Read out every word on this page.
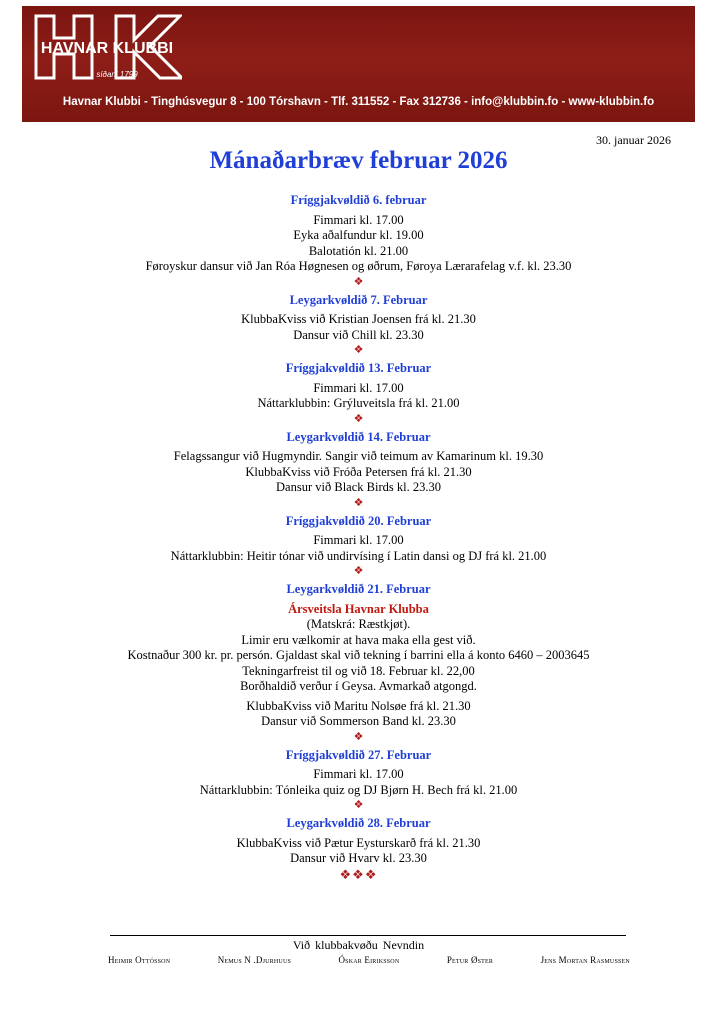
HAVNAR KLUBBI
síðani 1799
Havnar Klubbi - Tinghúsvegur 8 - 100 Tórshavn - Tlf. 311552 - Fax 312736 - info@klubbin.fo - www-klubbin.fo
30. januar 2026
Mánaðarbræv februar 2026
Fríggjakvøldið 6. februar
Fimmari kl. 17.00
Eyka aðalfundur kl. 19.00
Balotatión kl. 21.00
Føroyskur dansur við Jan Róa Høgnesen og øðrum, Føroya Lærarafelag v.f. kl. 23.30
❖
Leygarkvøldið 7. Februar
KlubbaKviss við Kristian Joensen frá kl. 21.30
Dansur við Chill kl. 23.30
❖
Fríggjakvøldið 13. Februar
Fimmari kl. 17.00
Náttarklubbin: Grýluveitsla frá kl. 21.00
❖
Leygarkvøldið 14. Februar
Felagssangur við Hugmyndir. Sangir við teimum av Kamarinum kl. 19.30
KlubbaKviss við Fróða Petersen frá kl. 21.30
Dansur við Black Birds kl. 23.30
❖
Fríggjakvøldið 20. Februar
Fimmari kl. 17.00
Náttarklubbin: Heitir tónar við undirvísing í Latin dansi og DJ frá kl. 21.00
❖
Leygarkvøldið 21. Februar
Ársveitsla Havnar Klubba
(Matskrá: Ræstkjøt).
Limir eru vælkomir at hava maka ella gest við.
Kostnaður 300 kr. pr. persón. Gjaldast skal við tekning í barrini ella á konto 6460 – 2003645
Tekningarfreist til og við 18. Februar kl. 22,00
Borðhaldið verður í Geysa. Avmarkað atgongd.
KlubbaKviss við Maritu Nolsøe frá kl. 21.30
Dansur við Sommerson Band kl. 23.30
❖
Fríggjakvøldið 27. Februar
Fimmari kl. 17.00
Náttarklubbin: Tónleika quiz og DJ Bjørn H. Bech frá kl. 21.00
❖
Leygarkvøldið 28. Februar
KlubbaKviss við Pætur Eysturskarð frá kl. 21.30
Dansur við Hvarv kl. 23.30
❖❖❖
Við klubbakvøðu Nevndin
Heimir Ottósson	Nemus N .Djurhuus	Óskar Eiriksson	Petur Øster	Jens Mortan Rasmussen
